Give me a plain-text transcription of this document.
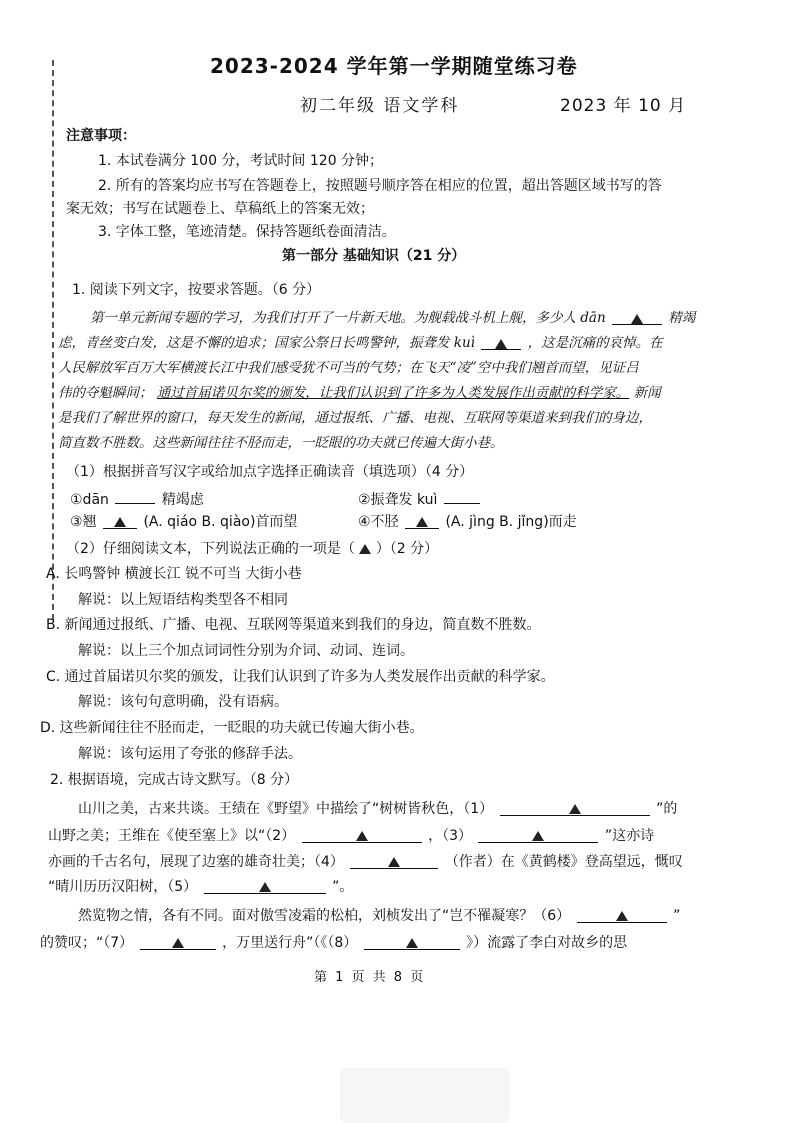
2023-2024 学年第一学期随堂练习卷
初二年级 语文学科	2023 年 10 月
注意事项：
1. 本试卷满分 100 分，考试时间 120 分钟；
2. 所有的答案均应书写在答题卷上，按照题号顺序答在相应的位置，超出答题区域书写的答
案无效；书写在试题卷上、草稿纸上的答案无效；
3. 字体工整，笔迹清楚。保持答题纸卷面清洁。
第一部分 基础知识（21 分）
1. 阅读下列文字，按要求答题。（6 分）
第一单元新闻专题的学习，为我们打开了一片新天地。为舰载战斗机上舰，多少人 dān	精竭
虑，青丝变白发，这是不懈的追求；国家公祭日长鸣警钟，振聋发 kuì	，这是沉痛的哀悼。在
人民解放军百万大军横渡长江中我们感受犹不可当的气势；在飞天“凌”空中我们翘首而望，见证吕
伟的夺魁瞬间； 通过首届诺贝尔奖的颁发，让我们认识到了许多为人类发展作出贡献的科学家。 新闻
是我们了解世界的窗口，每天发生的新闻，通过报纸、广播、电视、互联网等渠道来到我们的身边，
简直数不胜数。这些新闻往往不胫而走，一眨眼的功夫就已传遍大街小巷。
（1）根据拼音写汉字或给加点字选择正确读音（填选项）（4 分）
①dān	精竭虑	②振聋发 kuì
③翘	(A. qiáo B. qiào)首而望	④不胫	(A. jìng B. jǐng)而走
（2）仔细阅读文本，下列说法正确的一项是（ ）（2 分）
A. 长鸣警钟 横渡长江 锐不可当 大街小巷
解说：以上短语结构类型各不相同
B. 新闻通过报纸、广播、电视、互联网等渠道来到我们的身边，简直数不胜数。
解说：以上三个加点词词性分别为介词、动词、连词。
C. 通过首届诺贝尔奖的颁发，让我们认识到了许多为人类发展作出贡献的科学家。
解说：该句句意明确，没有语病。
D. 这些新闻往往不胫而走，一眨眼的功夫就已传遍大街小巷。
解说：该句运用了夸张的修辞手法。
2. 根据语境，完成古诗文默写。（8 分）
山川之美，古来共谈。王绩在《野望》中描绘了“树树皆秋色，（1）	”的
山野之美；王维在《使至塞上》以“（2）	，（3）	”这亦诗
亦画的千古名句，展现了边塞的雄奇壮美；（4）	（作者）在《黄鹤楼》登高望远，慨叹
“晴川历历汉阳树，（5）	”。
然览物之情，各有不同。面对傲雪凌霜的松柏，刘桢发出了“岂不罹凝寒？（6）	”
的赞叹；“（7）	，万里送行舟”（《（8）	》）流露了李白对故乡的思
第 1 页 共 8 页
